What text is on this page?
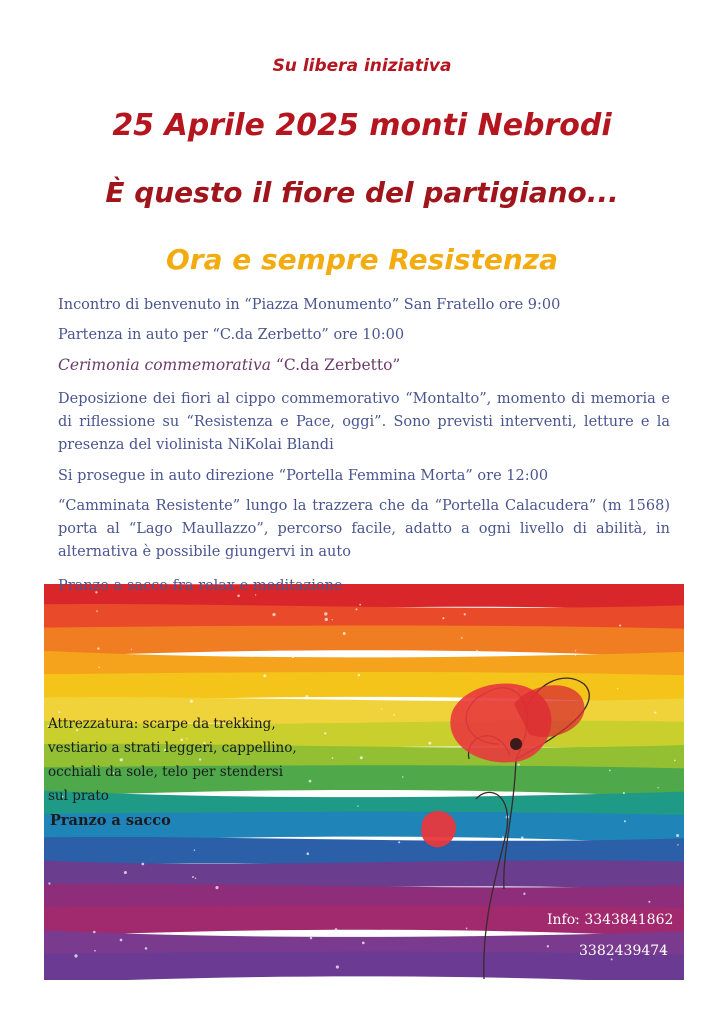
Su libera iniziativa
25 Aprile 2025 monti Nebrodi
È questo il fiore del partigiano...
Ora e sempre Resistenza
Incontro di benvenuto in “Piazza Monumento” San Fratello ore 9:00
Partenza in auto per “C.da Zerbetto” ore 10:00
Cerimonia commemorativa “C.da Zerbetto”
Deposizione dei fiori al cippo commemorativo “Montalto”, momento di memoria e di riflessione su “Resistenza e Pace, oggi”. Sono previsti interventi, letture e la presenza del violinista NiKolai Blandi
Si prosegue in auto direzione “Portella Femmina Morta” ore 12:00
“Camminata Resistente” lungo la trazzera che da “Portella Calacudera” (m 1568) porta al “Lago Maullazzo”, percorso facile, adatto a ogni livello di abilità, in alternativa è possibile giungervi in auto
Pranzo a sacco fra relax e meditazione
Attrezzatura: scarpe da trekking, vestiario a strati leggeri, cappellino, occhiali da sole, telo per stendersi sul prato
Pranzo a sacco
Info: 3343841862
3382439474
